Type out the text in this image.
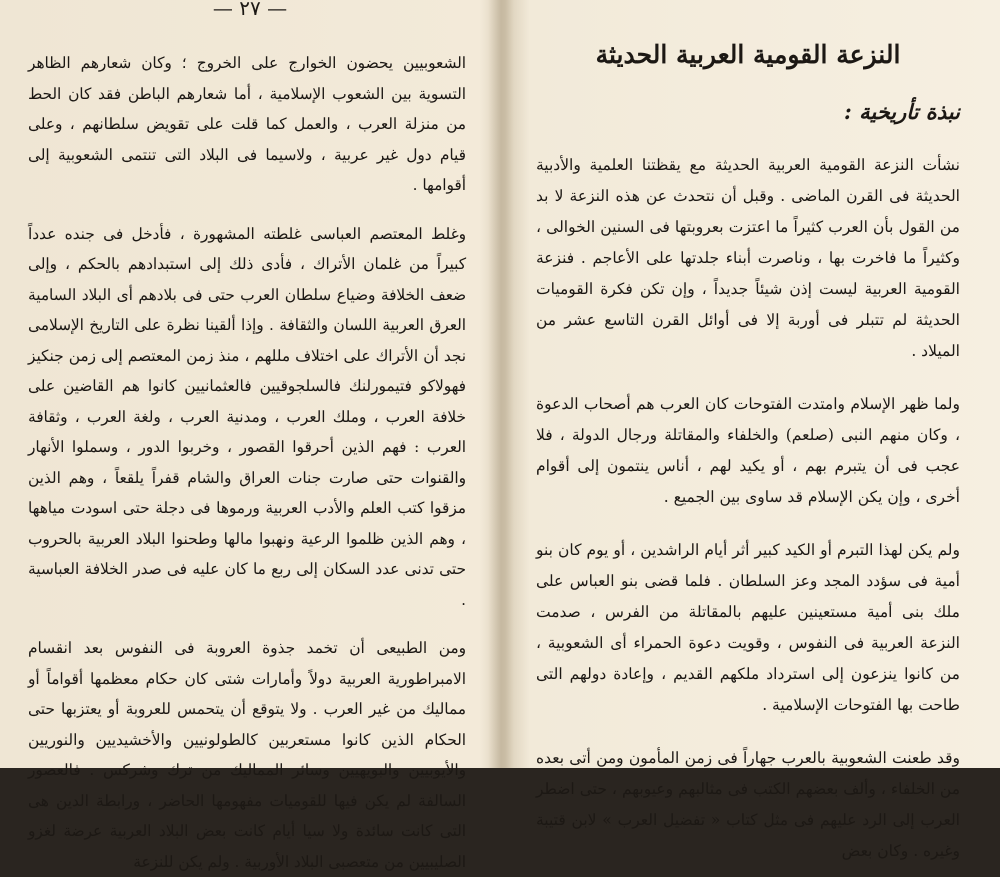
— ٢٧ —

الشعوبيين يحضون الخوارج على الخروج ؛ وكان شعارهم الظاهر التسوية بين الشعوب الإسلامية ، أما شعارهم الباطن فقد كان الحط من منزلة العرب ، والعمل كما قلت على تقويض سلطانهم ، وعلى قيام دول غير عربية ، ولاسيما فى البلاد التى تنتمى الشعوبية إلى أقوامها .

وغلط المعتصم العباسى غلطته المشهورة ، فأدخل فى جنده عدداً كبيراً من غلمان الأتراك ، فأدى ذلك إلى استبدادهم بالحكم ، وإلى ضعف الخلافة وضياع سلطان العرب حتى فى بلادهم أى البلاد السامية العرق العربية اللسان والثقافة . وإذا ألقينا نظرة على التاريخ الإسلامى نجد أن الأتراك على اختلاف مللهم ، منذ زمن المعتصم إلى زمن جنكيز فهولاكو فتيمورلنك فالسلجوقيين فالعثمانيين كانوا هم القاضين على خلافة العرب ، وملك العرب ، ومدنية العرب ، ولغة العرب ، وثقافة العرب : فهم الذين أحرقوا القصور ، وخربوا الدور ، وسملوا الأنهار والقنوات حتى صارت جنات العراق والشام قفراً يلقعاً ، وهم الذين مزقوا كتب العلم والأدب العربية ورموها فى دجلة حتى اسودت مياهها ، وهم الذين ظلموا الرعية ونهبوا مالها وطحنوا البلاد العربية بالحروب حتى تدنى عدد السكان إلى ربع ما كان عليه فى صدر الخلافة العباسية .

ومن الطبيعى أن تخمد جذوة العروبة فى النفوس بعد انقسام الامبراطورية العربية دولاً وأمارات شتى كان حكام معظمها أقواماً أو مماليك من غير العرب . ولا يتوقع أن يتحمس للعروبة أو يعتزبها حتى الحكام الذين كانوا مستعربين كالطولونيين والأخشيديين والنوريين والأيوبيين والبويهيين وسائر المماليك من ترك وشركس . فالعصور السالفة لم يكن فيها للقوميات مفهومها الحاضر ، ورابطة الدين هى التى كانت سائدة ولا سيا أيام كانت بعض البلاد العربية عرضة لغزو الصليبيين من متعصبى البلاد الأوربية . ولم يكن للنزعة

النزعة القومية العربية الحديثة
نبذة تأريخية :

نشأت النزعة القومية العربية الحديثة مع يقظتنا العلمية والأدبية الحديثة فى القرن الماضى . وقبل أن نتحدث عن هذه النزعة لا بد من القول بأن العرب كثيراً ما اعتزت بعروبتها فى السنين الخوالى ، وكثيراً ما فاخرت بها ، وناصرت أبناء جلدتها على الأعاجم . فنزعة القومية العربية ليست إذن شيئاً جديداً ، وإن تكن فكرة القوميات الحديثة لم تتبلر فى أوربة إلا فى أوائل القرن التاسع عشر من الميلاد .

ولما ظهر الإسلام وامتدت الفتوحات كان العرب هم أصحاب الدعوة ، وكان منهم النبى (صلعم) والخلفاء والمقاتلة ورجال الدولة ، فلا عجب فى أن يتبرم بهم ، أو يكيد لهم ، أناس ينتمون إلى أقوام أخرى ، وإن يكن الإسلام قد ساوى بين الجميع .

ولم يكن لهذا التبرم أو الكيد كبير أثر أيام الراشدين ، أو يوم كان بنو أمية فى سؤدد المجد وعز السلطان . فلما قضى بنو العباس على ملك بنى أمية مستعينين عليهم بالمقاتلة من الفرس ، صدمت النزعة العربية فى النفوس ، وقويت دعوة الحمراء أى الشعوبية ، من كانوا ينزعون إلى استرداد ملكهم القديم ، وإعادة دولهم التى طاحت بها الفتوحات الإسلامية .

وقد طعنت الشعوبية بالعرب جهاراً فى زمن المأمون ومن أتى بعده من الخلفاء ، وألف بعضهم الكتب فى مثالبهم وعيوبهم ، حتى اضطر العرب إلى الرد عليهم فى مثل كتاب « تفضيل العرب » لابن قتيبة وغيره . وكان بعض
